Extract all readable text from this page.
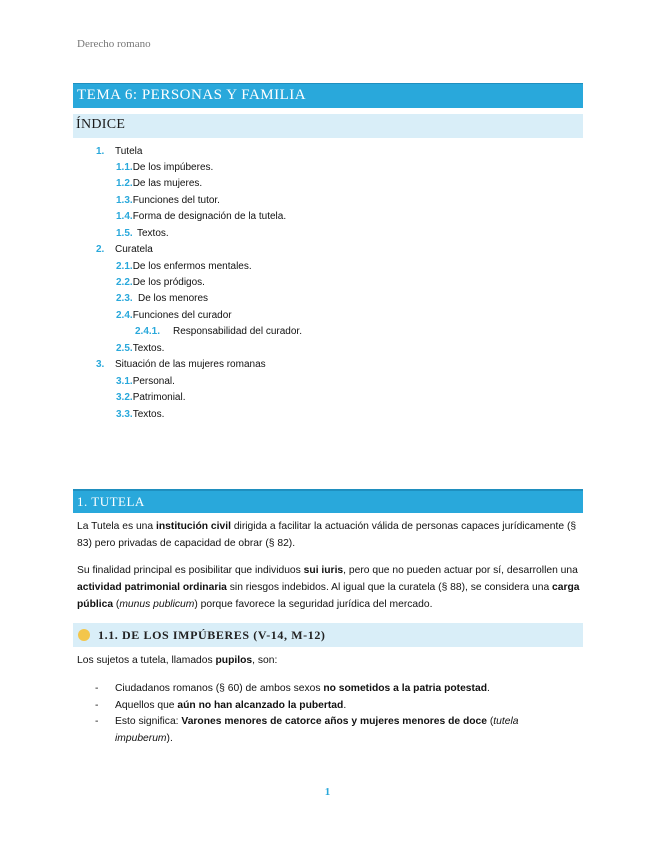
Derecho romano
TEMA 6: PERSONAS Y FAMILIA
ÍNDICE
1. Tutela
1.1.De los impúberes.
1.2.De las mujeres.
1.3.Funciones del tutor.
1.4.Forma de designación de la tutela.
1.5. Textos.
2. Curatela
2.1.De los enfermos mentales.
2.2.De los pródigos.
2.3. De los menores
2.4.Funciones del curador
2.4.1. Responsabilidad del curador.
2.5.Textos.
3. Situación de las mujeres romanas
3.1.Personal.
3.2.Patrimonial.
3.3.Textos.
1. TUTELA
La Tutela es una institución civil dirigida a facilitar la actuación válida de personas capaces jurídicamente (§ 83) pero privadas de capacidad de obrar (§ 82).
Su finalidad principal es posibilitar que individuos sui iuris, pero que no pueden actuar por sí, desarrollen una actividad patrimonial ordinaria sin riesgos indebidos. Al igual que la curatela (§ 88), se considera una carga pública (munus publicum) porque favorece la seguridad jurídica del mercado.
1.1. DE LOS IMPÚBERES (V-14, M-12)
Los sujetos a tutela, llamados pupilos, son:
- Ciudadanos romanos (§ 60) de ambos sexos no sometidos a la patria potestad.
- Aquellos que aún no han alcanzado la pubertad.
- Esto significa: Varones menores de catorce años y mujeres menores de doce (tutela impuberum).
1
